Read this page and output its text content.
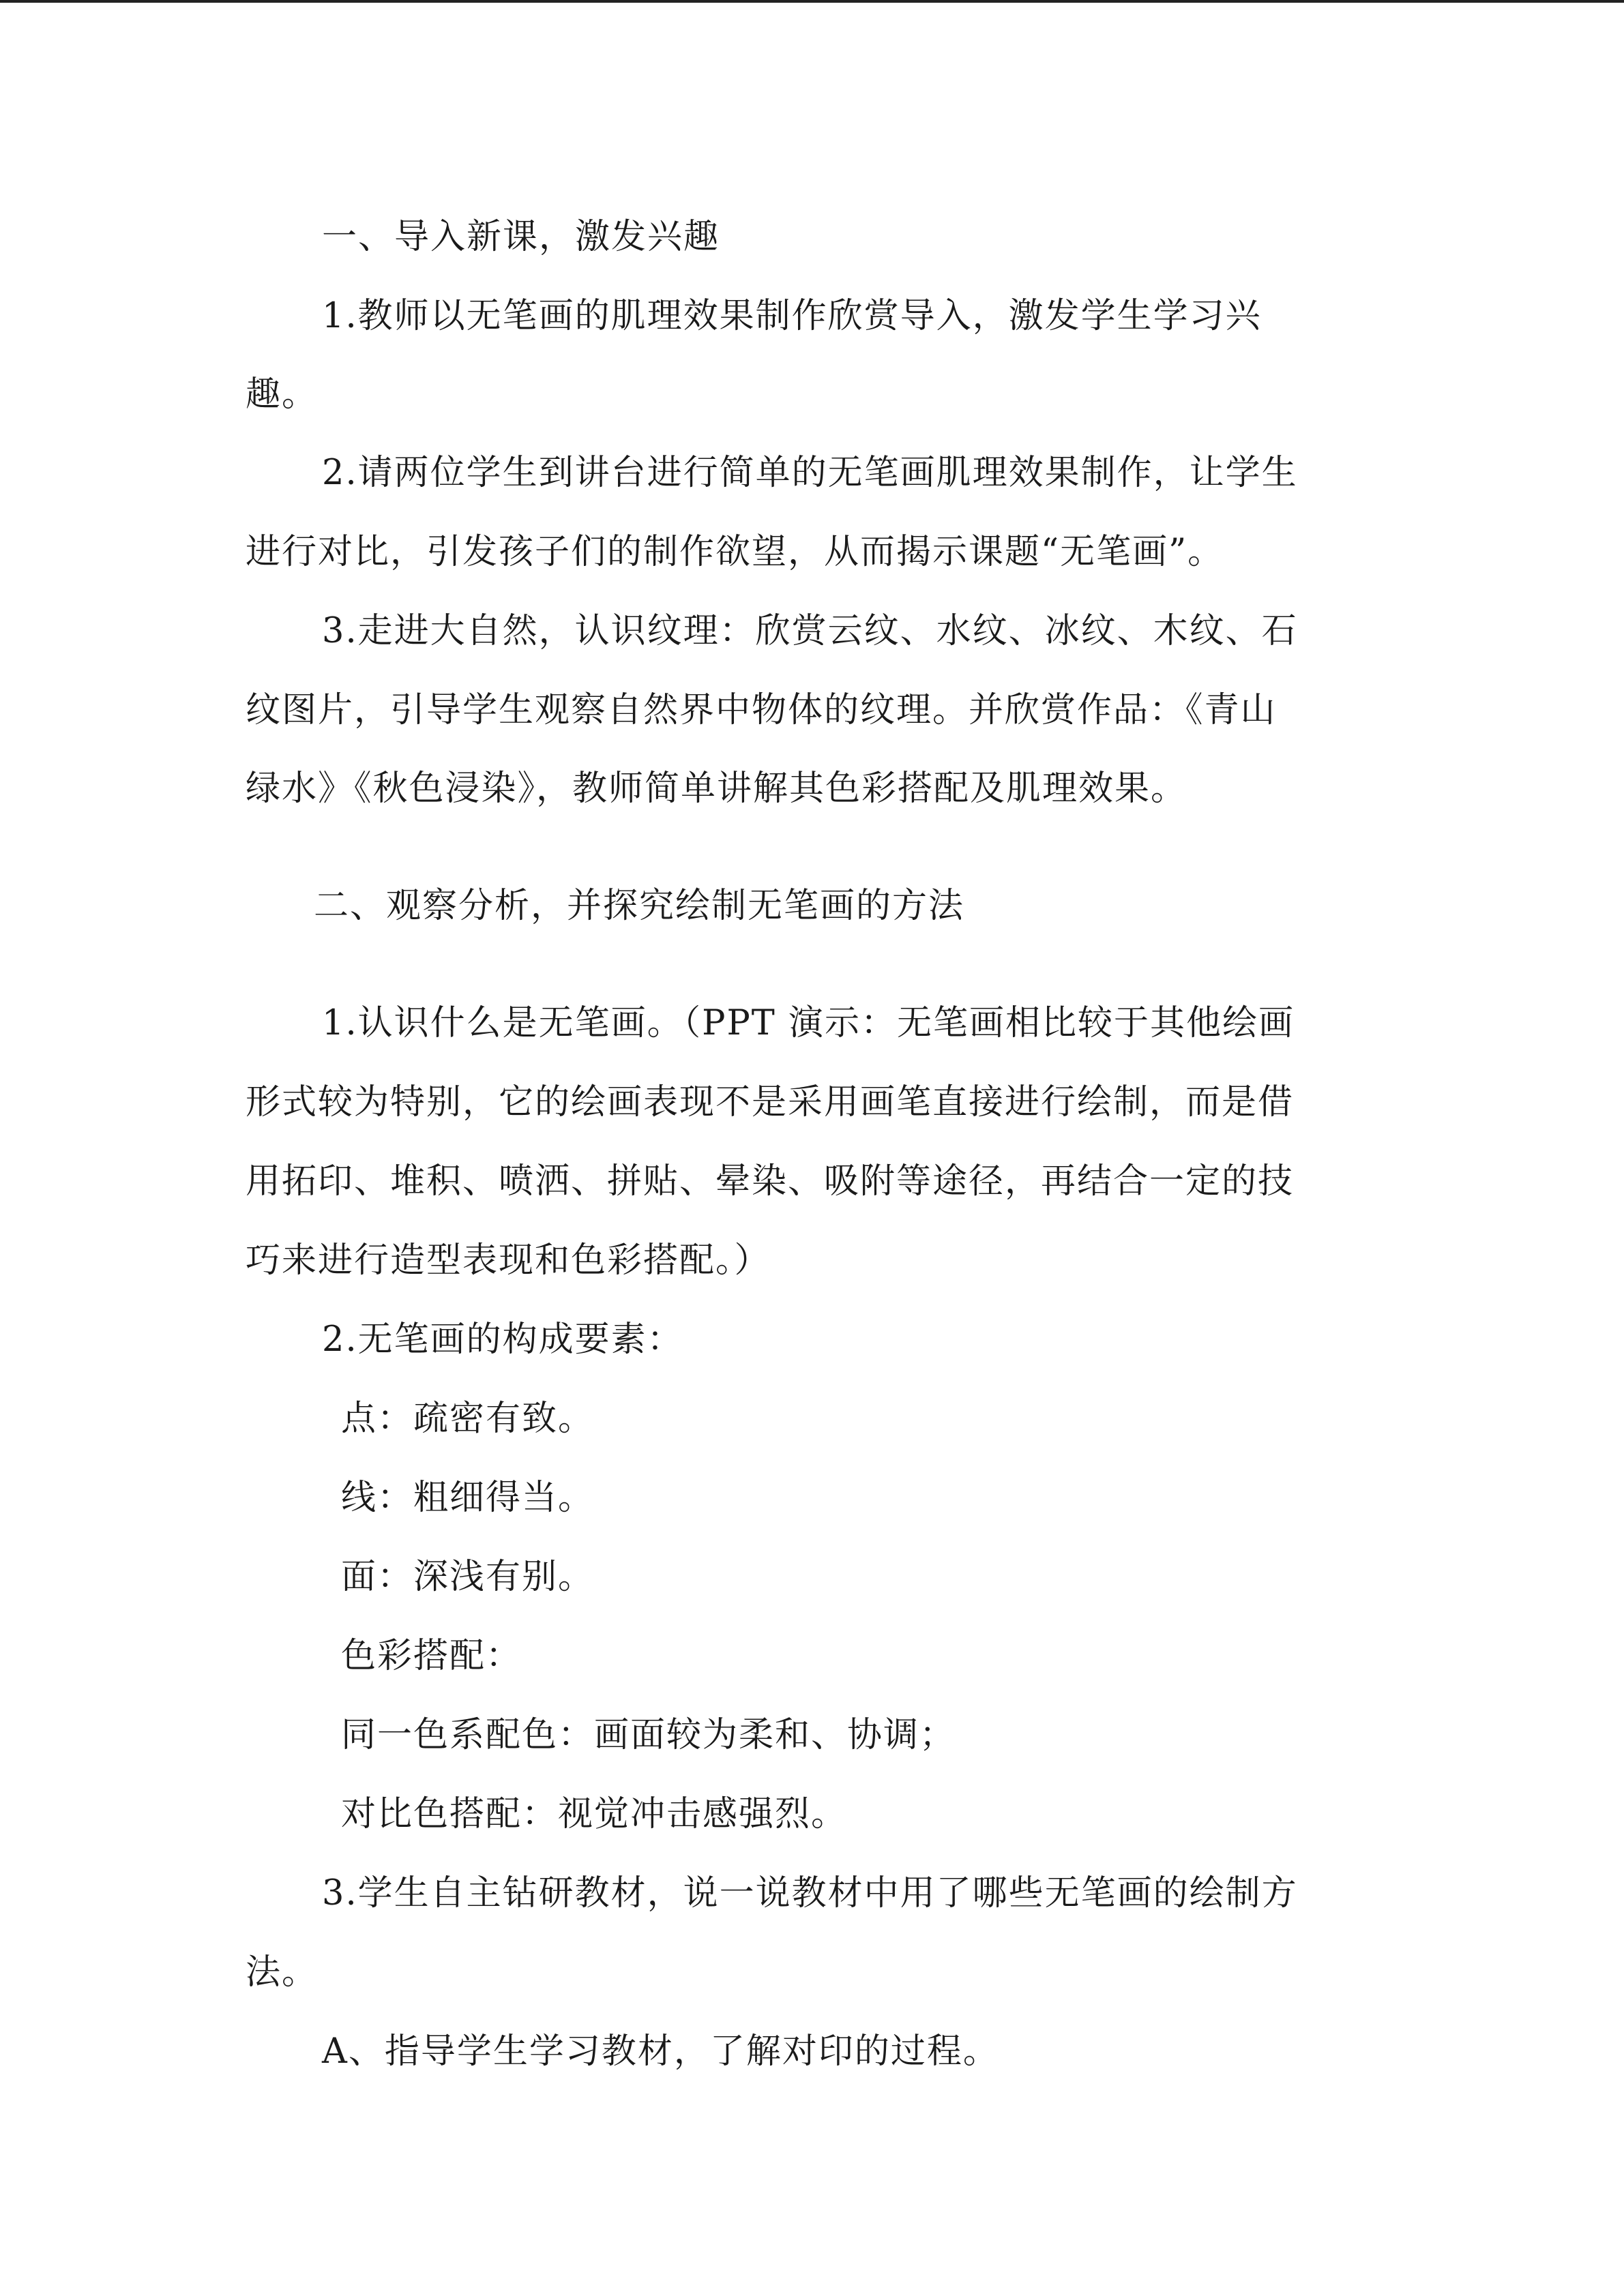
一、导入新课，激发兴趣
1.教师以无笔画的肌理效果制作欣赏导入，激发学生学习兴
趣。
2.请两位学生到讲台进行简单的无笔画肌理效果制作，让学生
进行对比，引发孩子们的制作欲望，从而揭示课题“无笔画”。
3.走进大自然，认识纹理：欣赏云纹、水纹、冰纹、木纹、石
纹图片，引导学生观察自然界中物体的纹理。并欣赏作品：《青山
绿水》《秋色浸染》，教师简单讲解其色彩搭配及肌理效果。
二、观察分析，并探究绘制无笔画的方法
1.认识什么是无笔画。（PPT 演示：无笔画相比较于其他绘画
形式较为特别，它的绘画表现不是采用画笔直接进行绘制，而是借
用拓印、堆积、喷洒、拼贴、晕染、吸附等途径，再结合一定的技
巧来进行造型表现和色彩搭配。）
2.无笔画的构成要素：
点：疏密有致。
线：粗细得当。
面：深浅有别。
色彩搭配：
同一色系配色：画面较为柔和、协调；
对比色搭配：视觉冲击感强烈。
3.学生自主钻研教材，说一说教材中用了哪些无笔画的绘制方
法。
A、指导学生学习教材，了解对印的过程。
